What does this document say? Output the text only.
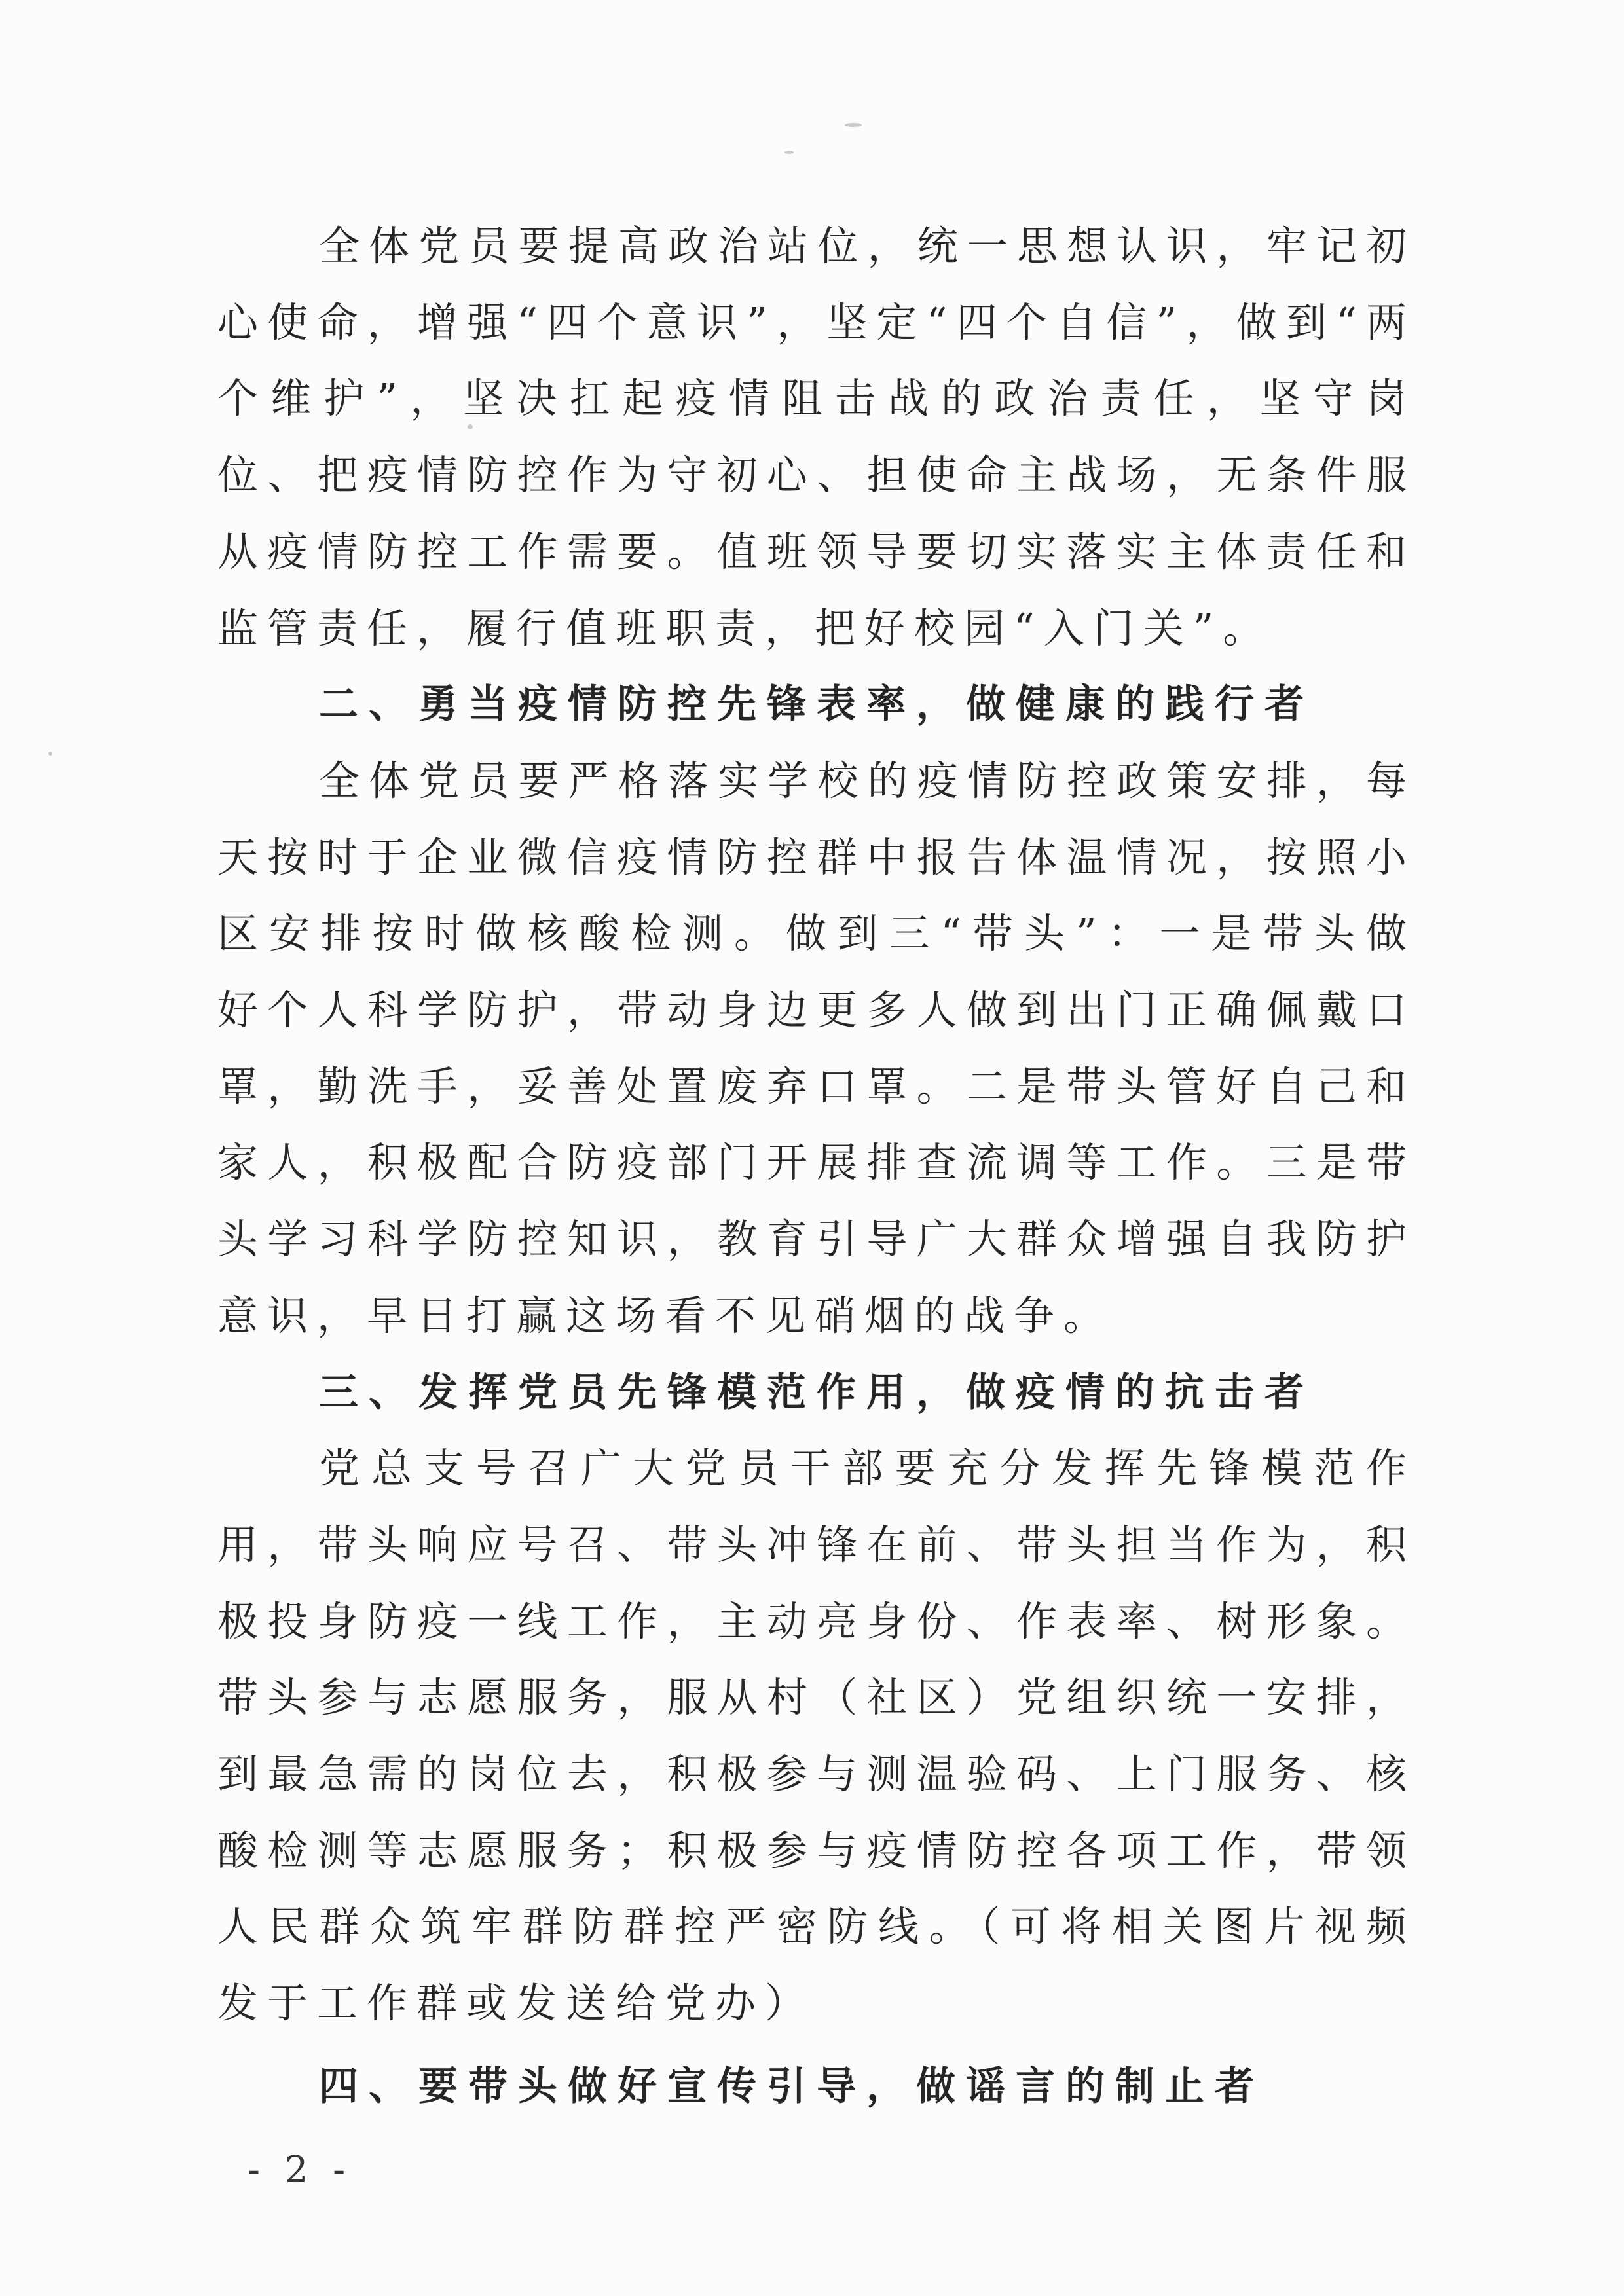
全体党员要提高政治站位，统一思想认识，牢记初心使命，增强“四个意识”，坚定“四个自信”，做到“两个维护”，坚决扛起疫情阻击战的政治责任，坚守岗位、把疫情防控作为守初心、担使命主战场，无条件服从疫情防控工作需要。值班领导要切实落实主体责任和监管责任，履行值班职责，把好校园“入门关”。

二、勇当疫情防控先锋表率，做健康的践行者

全体党员要严格落实学校的疫情防控政策安排，每天按时于企业微信疫情防控群中报告体温情况，按照小区安排按时做核酸检测。做到三“带头”：一是带头做好个人科学防护，带动身边更多人做到出门正确佩戴口罩，勤洗手，妥善处置废弃口罩。二是带头管好自己和家人，积极配合防疫部门开展排查流调等工作。三是带头学习科学防控知识，教育引导广大群众增强自我防护意识，早日打赢这场看不见硝烟的战争。

三、发挥党员先锋模范作用，做疫情的抗击者

党总支号召广大党员干部要充分发挥先锋模范作用，带头响应号召、带头冲锋在前、带头担当作为，积极投身防疫一线工作，主动亮身份、作表率、树形象。带头参与志愿服务，服从村（社区）党组织统一安排，到最急需的岗位去，积极参与测温验码、上门服务、核酸检测等志愿服务；积极参与疫情防控各项工作，带领人民群众筑牢群防群控严密防线。（可将相关图片视频发于工作群或发送给党办）

四、要带头做好宣传引导，做谣言的制止者

- 2 -
